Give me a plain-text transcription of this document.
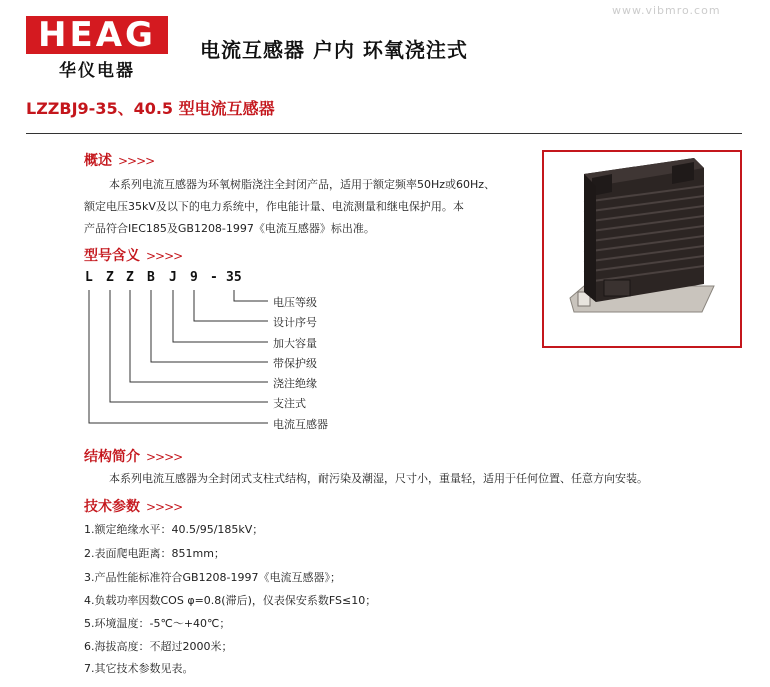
HEAG
华仪电器
www.vibmro.com
电流互感器 户内 环氧浇注式
LZZBJ9-35、40.5 型电流互感器
概述 >>>>
本系列电流互感器为环氧树脂浇注全封闭产品，适用于额定频率50Hz或60Hz、
额定电压35kV及以下的电力系统中，作电能计量、电流测量和继电保护用。本
产品符合IEC185及GB1208-1997《电流互感器》标出准。
型号含义 >>>>
L Z Z B J 9 - 35
电压等级
设计序号
加大容量
带保护级
浇注绝缘
支注式
电流互感器
结构简介 >>>>
本系列电流互感器为全封闭式支柱式结构，耐污染及潮湿，尺寸小，重量轻，适用于任何位置、任意方向安装。
技术参数 >>>>
1.额定绝缘水平：40.5/95/185kV；
2.表面爬电距离：851mm；
3.产品性能标准符合GB1208-1997《电流互感器》；
4.负载功率因数COS φ=0.8(滞后)，仪表保安系数FS≤10；
5.环境温度：-5℃～+40℃；
6.海拔高度：不超过2000米；
7.其它技术参数见表。
